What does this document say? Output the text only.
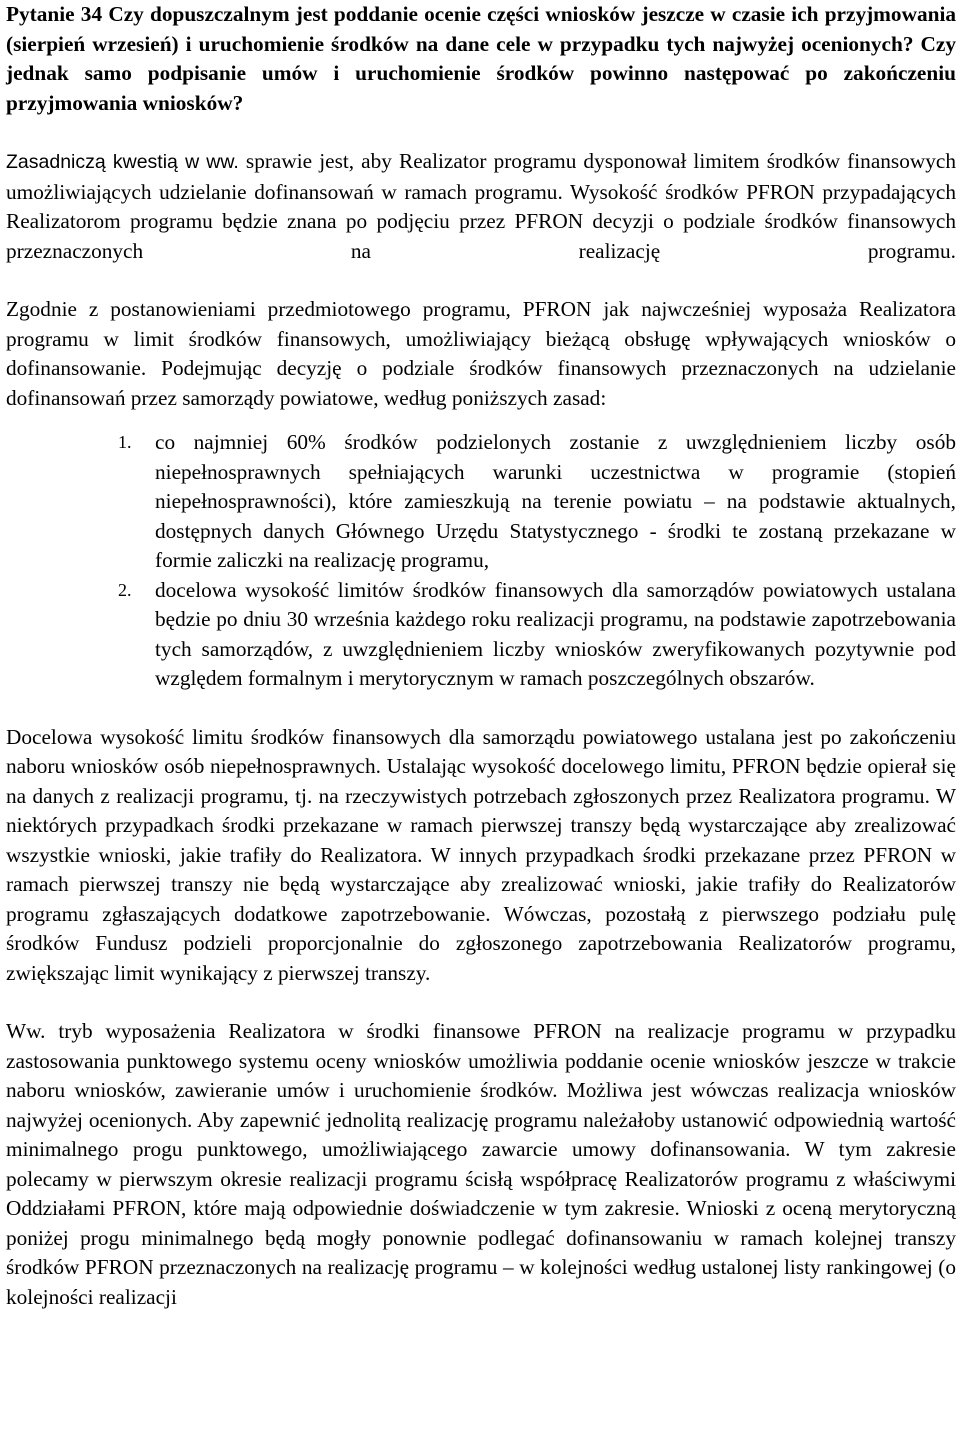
Pytanie 34 Czy dopuszczalnym jest poddanie ocenie części wniosków jeszcze w czasie ich przyjmowania (sierpień wrzesień) i uruchomienie środków na dane cele w przypadku tych najwyżej ocenionych? Czy jednak samo podpisanie umów i uruchomienie środków powinno następować po zakończeniu przyjmowania wniosków?

Zasadniczą kwestią w ww. sprawie jest, aby Realizator programu dysponował limitem środków finansowych umożliwiających udzielanie dofinansowań w ramach programu. Wysokość środków PFRON przypadających Realizatorom programu będzie znana po podjęciu przez PFRON decyzji o podziale środków finansowych przeznaczonych na realizację programu.

Zgodnie z postanowieniami przedmiotowego programu, PFRON jak najwcześniej wyposaża Realizatora programu w limit środków finansowych, umożliwiający bieżącą obsługę wpływających wniosków o dofinansowanie. Podejmując decyzję o podziale środków finansowych przeznaczonych na udzielanie dofinansowań przez samorządy powiatowe, według poniższych zasad:

1. co najmniej 60% środków podzielonych zostanie z uwzględnieniem liczby osób niepełnosprawnych spełniających warunki uczestnictwa w programie (stopień niepełnosprawności), które zamieszkują na terenie powiatu – na podstawie aktualnych, dostępnych danych Głównego Urzędu Statystycznego - środki te zostaną przekazane w formie zaliczki na realizację programu,
2. docelowa wysokość limitów środków finansowych dla samorządów powiatowych ustalana będzie po dniu 30 września każdego roku realizacji programu, na podstawie zapotrzebowania tych samorządów, z uwzględnieniem liczby wniosków zweryfikowanych pozytywnie pod względem formalnym i merytorycznym w ramach poszczególnych obszarów.

Docelowa wysokość limitu środków finansowych dla samorządu powiatowego ustalana jest po zakończeniu naboru wniosków osób niepełnosprawnych. Ustalając wysokość docelowego limitu, PFRON będzie opierał się na danych z realizacji programu, tj. na rzeczywistych potrzebach zgłoszonych przez Realizatora programu. W niektórych przypadkach środki przekazane w ramach pierwszej transzy będą wystarczające aby zrealizować wszystkie wnioski, jakie trafiły do Realizatora. W innych przypadkach środki przekazane przez PFRON w ramach pierwszej transzy nie będą wystarczające aby zrealizować wnioski, jakie trafiły do Realizatorów programu zgłaszających dodatkowe zapotrzebowanie. Wówczas, pozostałą z pierwszego podziału pulę środków Fundusz podzieli proporcjonalnie do zgłoszonego zapotrzebowania Realizatorów programu, zwiększając limit wynikający z pierwszej transzy.

Ww. tryb wyposażenia Realizatora w środki finansowe PFRON na realizacje programu w przypadku zastosowania punktowego systemu oceny wniosków umożliwia poddanie ocenie wniosków jeszcze w trakcie naboru wniosków, zawieranie umów i uruchomienie środków. Możliwa jest wówczas realizacja wniosków najwyżej ocenionych. Aby zapewnić jednolitą realizację programu należałoby ustanowić odpowiednią wartość minimalnego progu punktowego, umożliwiającego zawarcie umowy dofinansowania. W tym zakresie polecamy w pierwszym okresie realizacji programu ścisłą współpracę Realizatorów programu z właściwymi Oddziałami PFRON, które mają odpowiednie doświadczenie w tym zakresie. Wnioski z oceną merytoryczną poniżej progu minimalnego będą mogły ponownie podlegać dofinansowaniu w ramach kolejnej transzy środków PFRON przeznaczonych na realizację programu – w kolejności według ustalonej listy rankingowej (o kolejności realizacji
